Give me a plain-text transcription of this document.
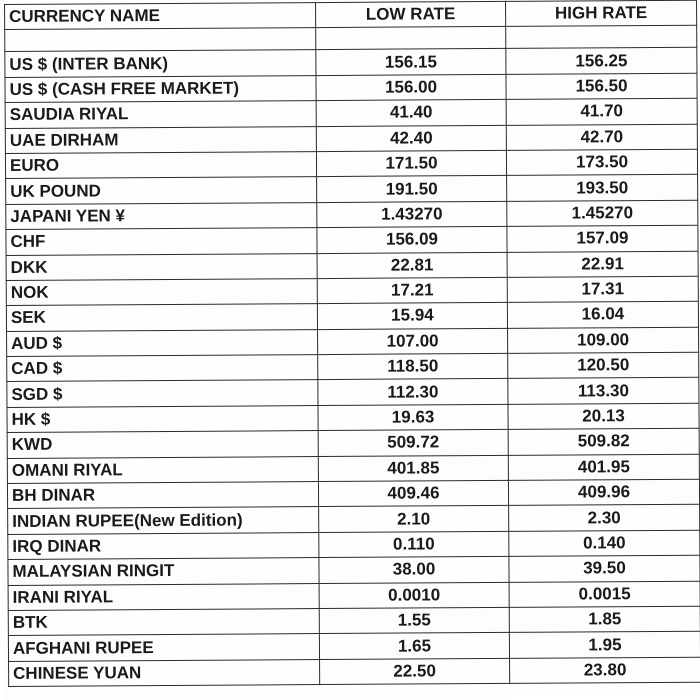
CURRENCY NAME	LOW RATE	HIGH RATE

US $ (INTER BANK)	156.15	156.25
US $ (CASH FREE MARKET)	156.00	156.50
SAUDIA RIYAL	41.40	41.70
UAE DIRHAM	42.40	42.70
EURO	171.50	173.50
UK POUND	191.50	193.50
JAPANI YEN ¥	1.43270	1.45270
CHF	156.09	157.09
DKK	22.81	22.91
NOK	17.21	17.31
SEK	15.94	16.04
AUD $	107.00	109.00
CAD $	118.50	120.50
SGD $	112.30	113.30
HK $	19.63	20.13
KWD	509.72	509.82
OMANI RIYAL	401.85	401.95
BH DINAR	409.46	409.96
INDIAN RUPEE(New Edition)	2.10	2.30
IRQ DINAR	0.110	0.140
MALAYSIAN RINGIT	38.00	39.50
IRANI RIYAL	0.0010	0.0015
BTK	1.55	1.85
AFGHANI RUPEE	1.65	1.95
CHINESE YUAN	22.50	23.80
